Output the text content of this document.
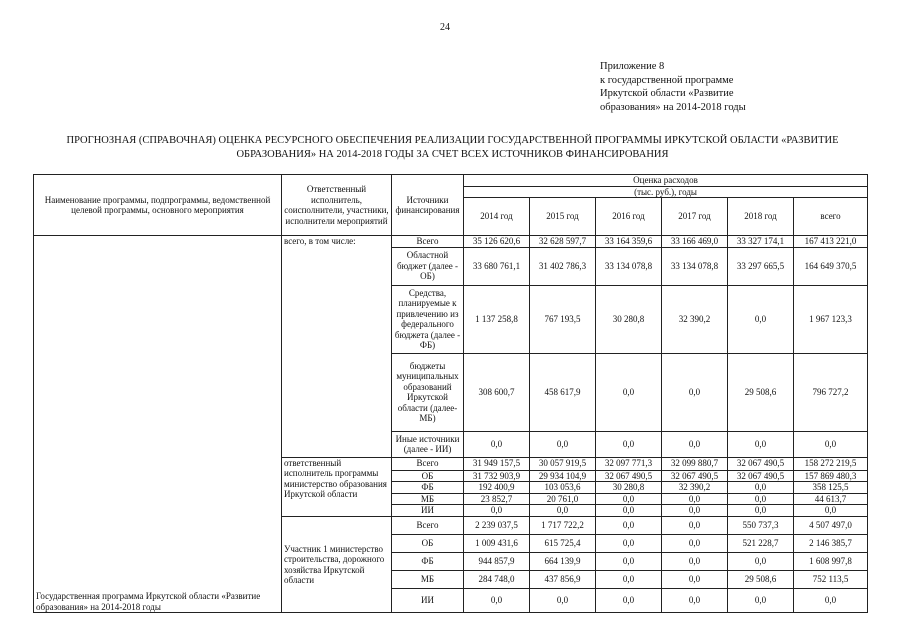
24
Приложение 8
к государственной программе
Иркутской области «Развитие
образования» на 2014-2018 годы
ПРОГНОЗНАЯ (СПРАВОЧНАЯ) ОЦЕНКА РЕСУРСНОГО ОБЕСПЕЧЕНИЯ РЕАЛИЗАЦИИ ГОСУДАРСТВЕННОЙ ПРОГРАММЫ ИРКУТСКОЙ ОБЛАСТИ «РАЗВИТИЕ
ОБРАЗОВАНИЯ» НА 2014-2018 ГОДЫ ЗА СЧЕТ ВСЕХ ИСТОЧНИКОВ ФИНАНСИРОВАНИЯ
Наименование программы, подпрограммы, ведомственной целевой программы, основного мероприятия	Ответственный исполнитель, соисполнители, участники, исполнители мероприятий	Источники финансирования	Оценка расходов					
			(тыс. руб.), годы					
			2014 год	2015 год	2016 год	2017 год	2018 год	всего
Государственная программа Иркутской области «Развитие образования» на 2014-2018 годы	всего, в том числе:	Всего	35 126 620,6	32 628 597,7	33 164 359,6	33 166 469,0	33 327 174,1	167 413 221,0
		Областной бюджет (далее - ОБ)	33 680 761,1	31 402 786,3	33 134 078,8	33 134 078,8	33 297 665,5	164 649 370,5
		Средства, планируемые к привлечению из федерального бюджета (далее - ФБ)	1 137 258,8	767 193,5	30 280,8	32 390,2	0,0	1 967 123,3
		бюджеты муниципальных образований Иркутской области (далее- МБ)	308 600,7	458 617,9	0,0	0,0	29 508,6	796 727,2
		Иные источники (далее - ИИ)	0,0	0,0	0,0	0,0	0,0	0,0
	ответственный исполнитель программы министерство образования Иркутской области	Всего	31 949 157,5	30 057 919,5	32 097 771,3	32 099 880,7	32 067 490,5	158 272 219,5
		ОБ	31 732 903,9	29 934 104,9	32 067 490,5	32 067 490,5	32 067 490,5	157 869 480,3
		ФБ	192 400,9	103 053,6	30 280,8	32 390,2	0,0	358 125,5
		МБ	23 852,7	20 761,0	0,0	0,0	0,0	44 613,7
		ИИ	0,0	0,0	0,0	0,0	0,0	0,0
	Участник 1 министерство строительства, дорожного хозяйства Иркутской области	Всего	2 239 037,5	1 717 722,2	0,0	0,0	550 737,3	4 507 497,0
		ОБ	1 009 431,6	615 725,4	0,0	0,0	521 228,7	2 146 385,7
		ФБ	944 857,9	664 139,9	0,0	0,0	0,0	1 608 997,8
		МБ	284 748,0	437 856,9	0,0	0,0	29 508,6	752 113,5
		ИИ	0,0	0,0	0,0	0,0	0,0	0,0
